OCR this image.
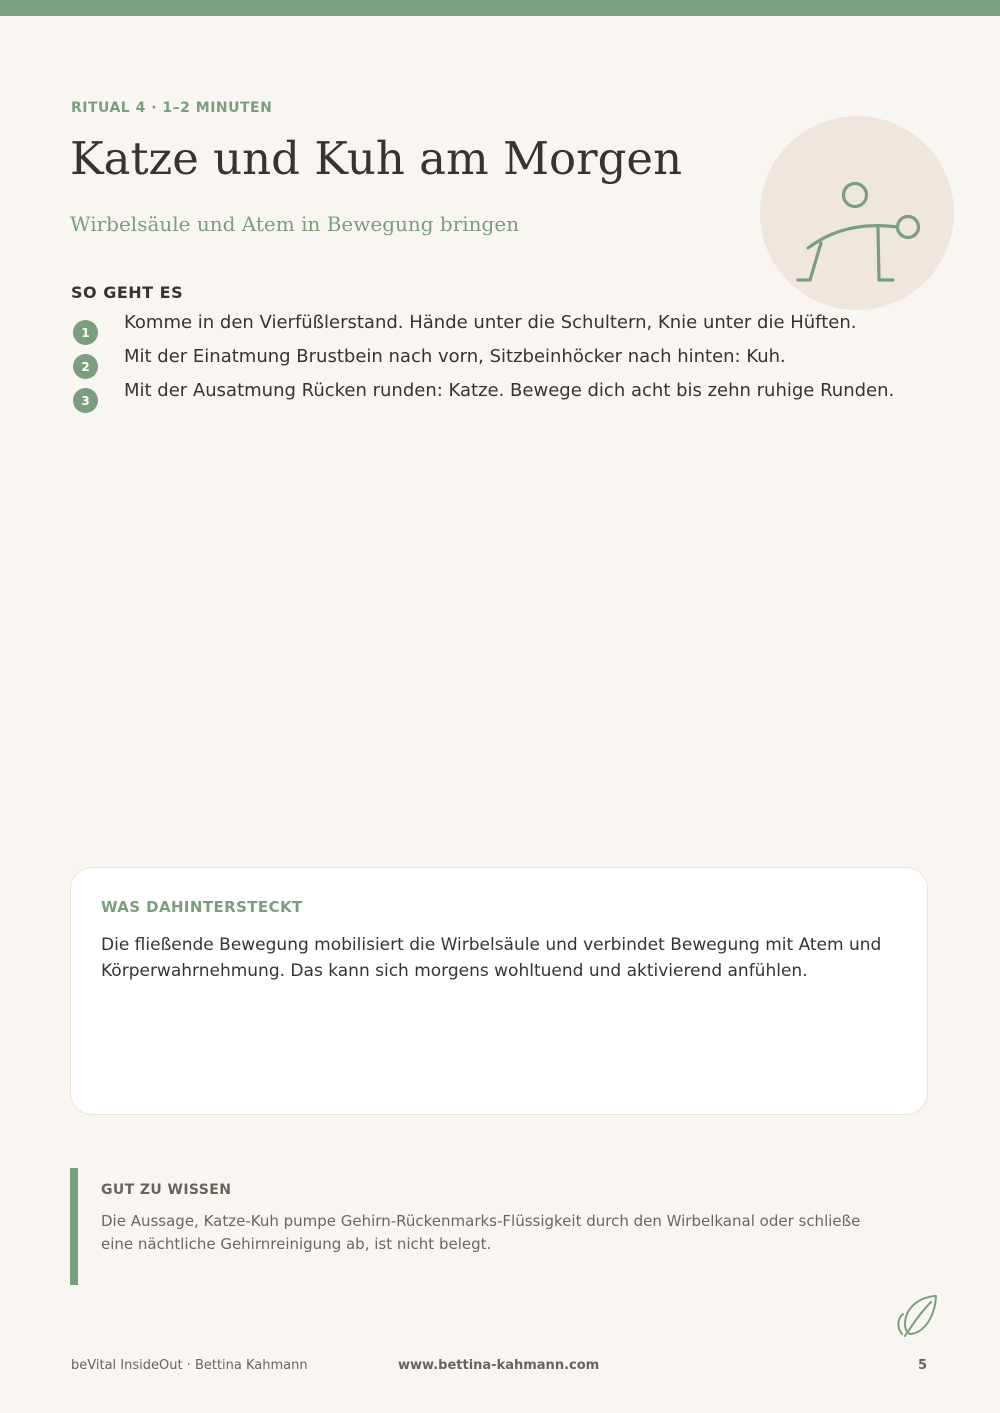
RITUAL 4 · 1–2 MINUTEN
Katze und Kuh am Morgen
Wirbelsäule und Atem in Bewegung bringen
SO GEHT ES
1	Komme in den Vierfüßlerstand. Hände unter die Schultern, Knie unter die Hüften.
2	Mit der Einatmung Brustbein nach vorn, Sitzbeinhöcker nach hinten: Kuh.
3	Mit der Ausatmung Rücken runden: Katze. Bewege dich acht bis zehn ruhige Runden.
WAS DAHINTERSTECKT
Die fließende Bewegung mobilisiert die Wirbelsäule und verbindet Bewegung mit Atem und Körperwahrnehmung. Das kann sich morgens wohltuend und aktivierend anfühlen.
GUT ZU WISSEN
Die Aussage, Katze-Kuh pumpe Gehirn-Rückenmarks-Flüssigkeit durch den Wirbelkanal oder schließe eine nächtliche Gehirnreinigung ab, ist nicht belegt.
beVital InsideOut · Bettina Kahmann	www.bettina-kahmann.com	5
